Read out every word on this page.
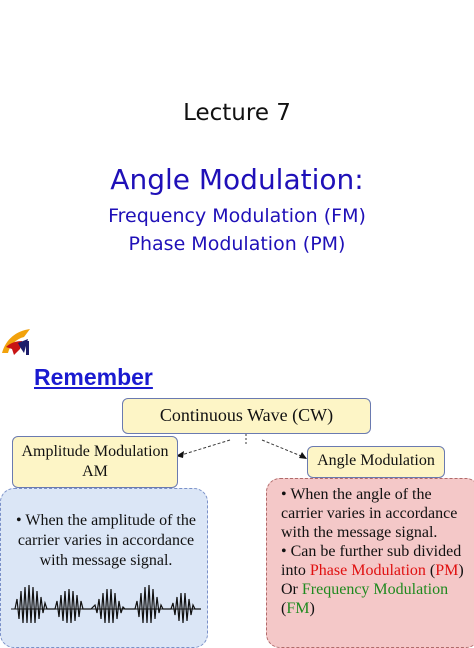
Lecture 7
Angle Modulation:
Frequency Modulation (FM)
Phase Modulation (PM)
Remember
Continuous Wave (CW)
Amplitude Modulation
AM
Angle Modulation
• When the amplitude of the carrier varies in accordance with message signal.
• When the angle of the carrier varies in accordance with the message signal.
• Can be further sub divided into Phase Modulation (PM)
Or Frequency Modulation (FM)
